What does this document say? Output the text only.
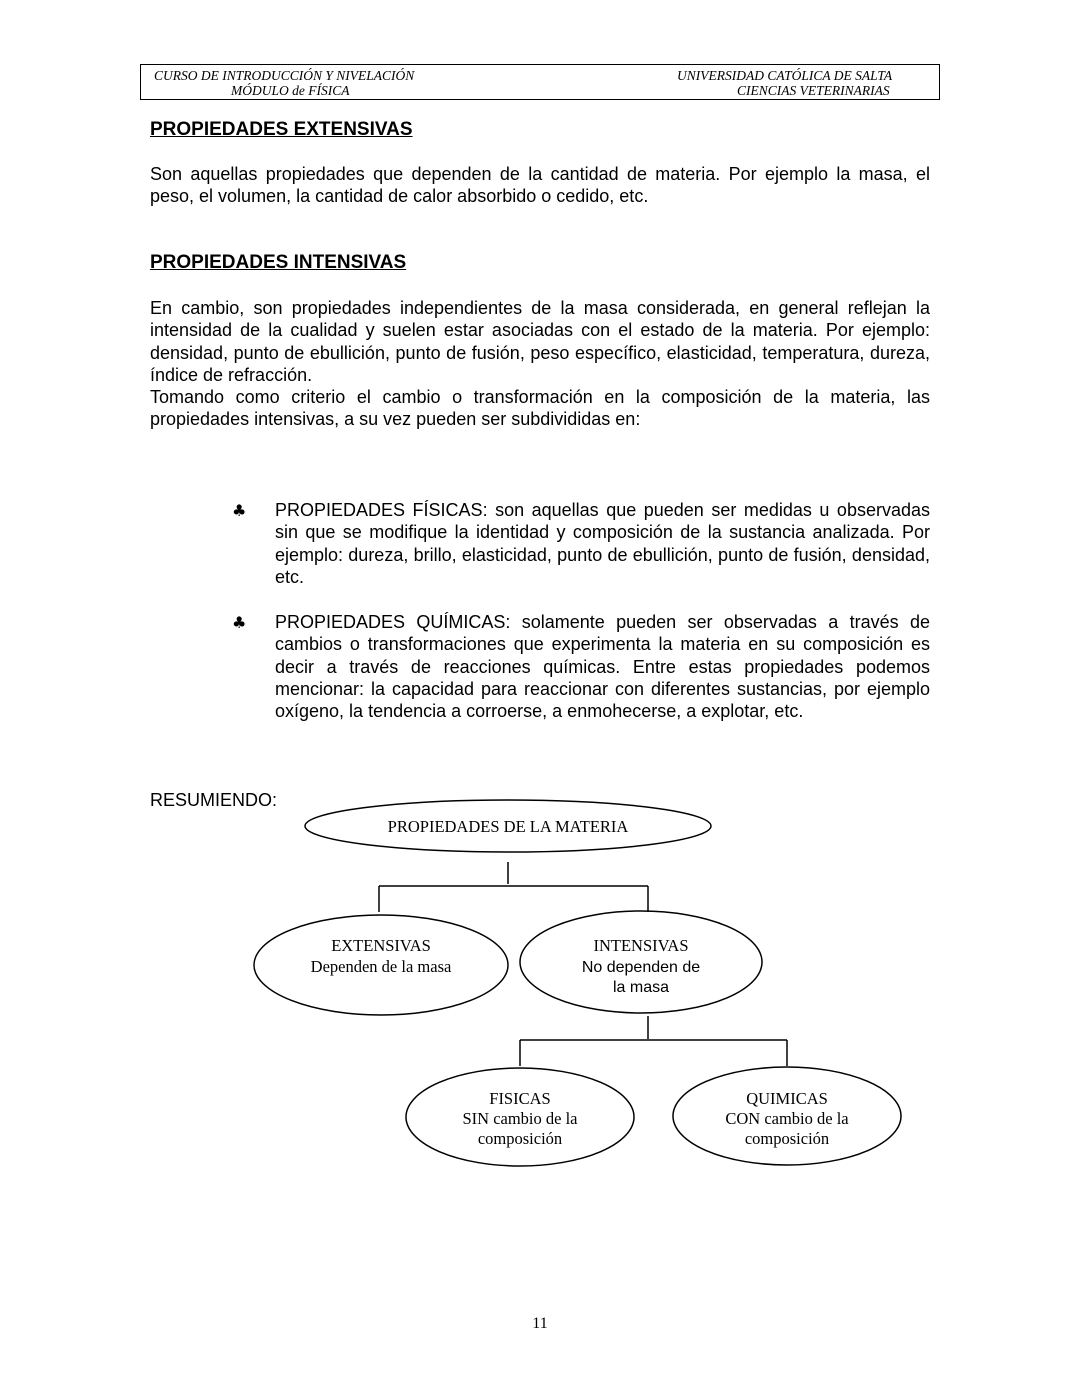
CURSO DE INTRODUCCIÓN Y NIVELACIÓN
MÓDULO de FÍSICA
UNIVERSIDAD CATÓLICA DE SALTA
CIENCIAS VETERINARIAS
PROPIEDADES EXTENSIVAS

Son aquellas propiedades que dependen de la cantidad de materia. Por ejemplo la masa, el peso, el volumen, la cantidad de calor absorbido o cedido, etc.

PROPIEDADES INTENSIVAS

En cambio, son propiedades independientes de la masa considerada, en general reflejan la intensidad de la cualidad y suelen estar asociadas con el estado de la materia. Por ejemplo: densidad, punto de ebullición, punto de fusión, peso específico, elasticidad, temperatura, dureza, índice de refracción.

Tomando como criterio el cambio o transformación en la composición de la materia, las propiedades intensivas, a su vez pueden ser subdivididas en:

♣ PROPIEDADES FÍSICAS: son aquellas que pueden ser medidas u observadas sin que se modifique la identidad y composición de la sustancia analizada. Por ejemplo: dureza, brillo, elasticidad, punto de ebullición, punto de fusión, densidad, etc.

♣ PROPIEDADES QUÍMICAS: solamente pueden ser observadas a través de cambios o transformaciones que experimenta la materia en su composición es decir a través de reacciones químicas. Entre estas propiedades podemos mencionar: la capacidad para reaccionar con diferentes sustancias, por ejemplo oxígeno, la tendencia a corroerse, a enmohecerse, a explotar, etc.

RESUMIENDO:
PROPIEDADES DE LA MATERIA
EXTENSIVAS
Dependen de la masa
INTENSIVAS
No dependen de
la masa
FISICAS
SIN cambio de la
composición
QUIMICAS
CON cambio de la
composición
11
